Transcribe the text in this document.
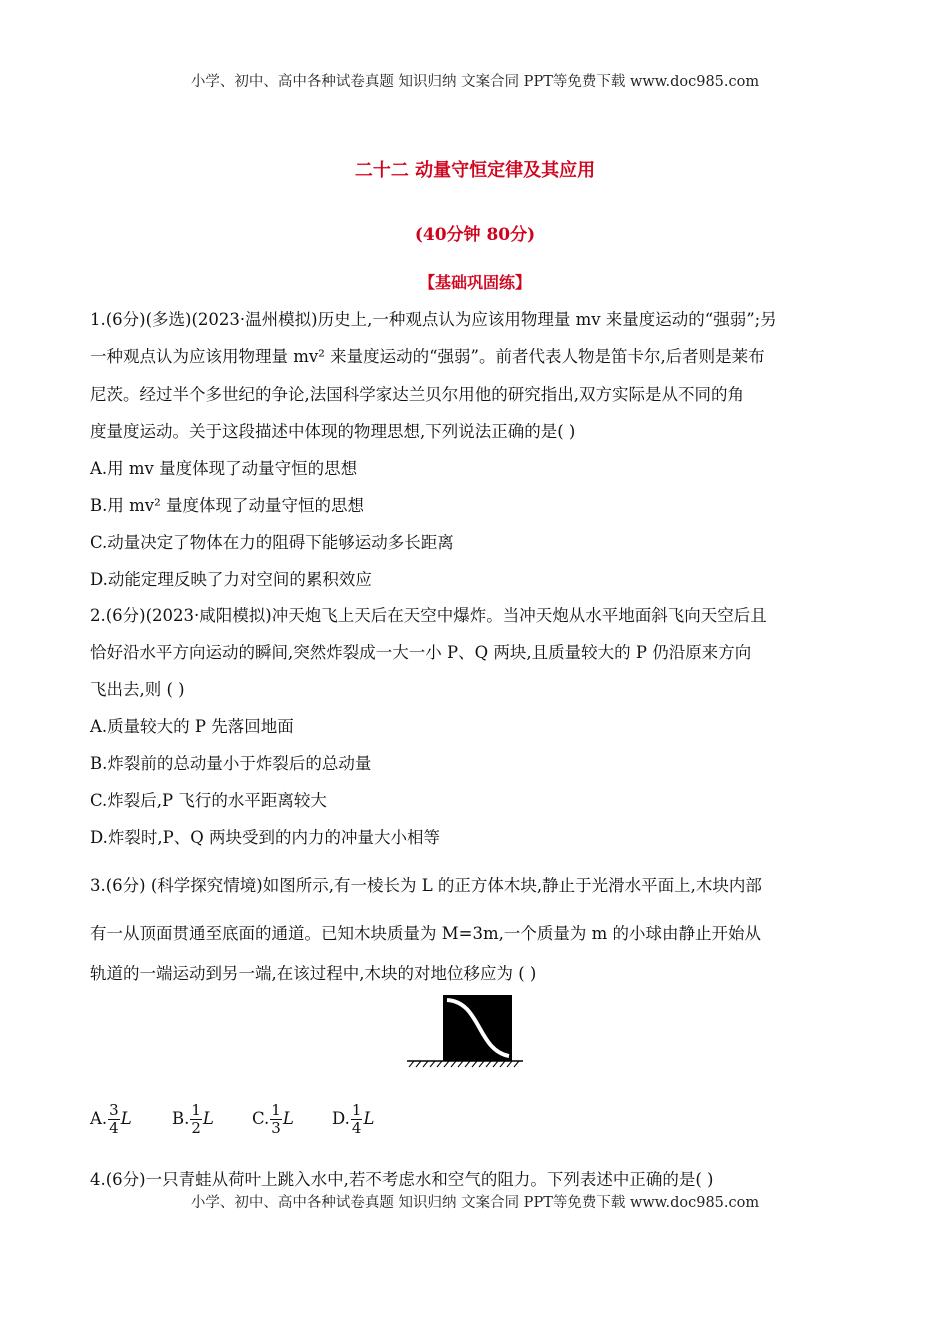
小学、初中、高中各种试卷真题 知识归纳 文案合同 PPT等免费下载 www.doc985.com
二十二 动量守恒定律及其应用
(40分钟 80分)
【基础巩固练】
1.(6分)(多选)(2023·温州模拟)历史上,一种观点认为应该用物理量 mv 来量度运动的“强弱”;另
一种观点认为应该用物理量 mv² 来量度运动的“强弱”。前者代表人物是笛卡尔,后者则是莱布
尼茨。经过半个多世纪的争论,法国科学家达兰贝尔用他的研究指出,双方实际是从不同的角
度量度运动。关于这段描述中体现的物理思想,下列说法正确的是( )
A.用 mv 量度体现了动量守恒的思想
B.用 mv² 量度体现了动量守恒的思想
C.动量决定了物体在力的阻碍下能够运动多长距离
D.动能定理反映了力对空间的累积效应
2.(6分)(2023·咸阳模拟)冲天炮飞上天后在天空中爆炸。当冲天炮从水平地面斜飞向天空后且
恰好沿水平方向运动的瞬间,突然炸裂成一大一小 P、Q 两块,且质量较大的 P 仍沿原来方向
飞出去,则 ( )
A.质量较大的 P 先落回地面
B.炸裂前的总动量小于炸裂后的总动量
C.炸裂后,P 飞行的水平距离较大
D.炸裂时,P、Q 两块受到的内力的冲量大小相等
3.(6分) (科学探究情境)如图所示,有一棱长为 L 的正方体木块,静止于光滑水平面上,木块内部
有一从顶面贯通至底面的通道。已知木块质量为 M=3m,一个质量为 m 的小球由静止开始从
轨道的一端运动到另一端,在该过程中,木块的对地位移应为 ( )
A. $\frac{3}{4}$ L B. $\frac{1}{2}$ L C. $\frac{1}{3}$ L D. $\frac{1}{4}$ L
4.(6分)一只青蛙从荷叶上跳入水中,若不考虑水和空气的阻力。下列表述中正确的是( )
小学、初中、高中各种试卷真题 知识归纳 文案合同 PPT等免费下载 www.doc985.com
